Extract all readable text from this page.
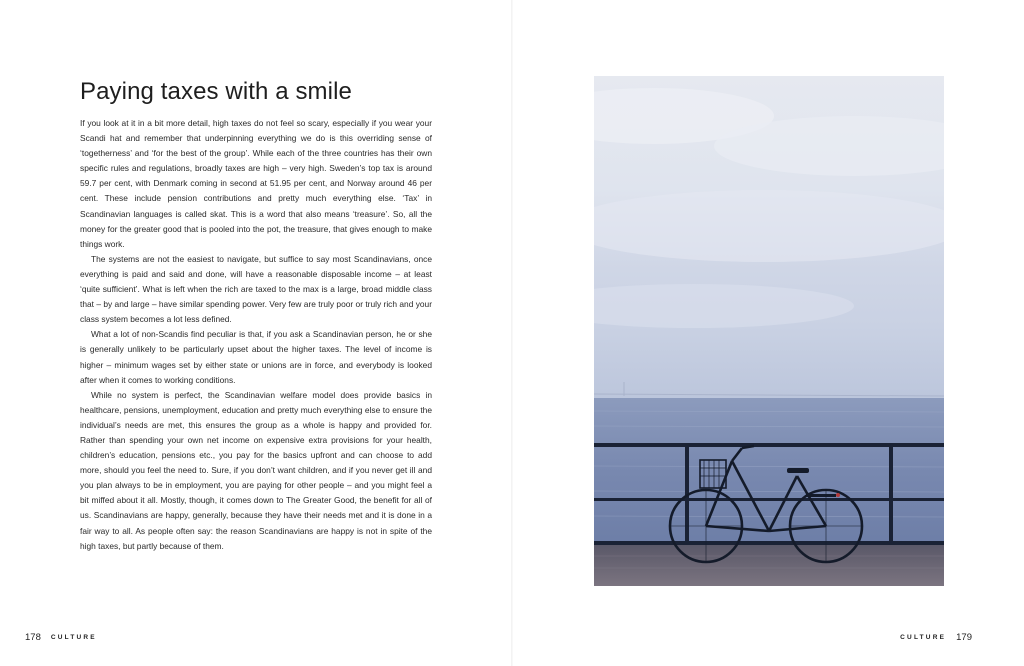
Paying taxes with a smile

If you look at it in a bit more detail, high taxes do not feel so scary, especially if you wear your Scandi hat and remember that underpinning everything we do is this overriding sense of ‘togetherness’ and ‘for the best of the group’. While each of the three countries has their own specific rules and regulations, broadly taxes are high – very high. Sweden’s top tax is around 59.7 per cent, with Denmark coming in second at 51.95 per cent, and Norway around 46 per cent. These include pension contributions and pretty much everything else. ‘Tax’ in Scandinavian languages is called skat. This is a word that also means ‘treasure’. So, all the money for the greater good that is pooled into the pot, the treasure, that gives enough to make things work.

The systems are not the easiest to navigate, but suffice to say most Scandinavians, once everything is paid and said and done, will have a reasonable disposable income – at least ‘quite sufficient’. What is left when the rich are taxed to the max is a large, broad middle class that – by and large – have similar spending power. Very few are truly poor or truly rich and your class system becomes a lot less defined.

What a lot of non-Scandis find peculiar is that, if you ask a Scandinavian person, he or she is generally unlikely to be particularly upset about the higher taxes. The level of income is higher – minimum wages set by either state or unions are in force, and everybody is looked after when it comes to working conditions.

While no system is perfect, the Scandinavian welfare model does provide basics in healthcare, pensions, unemployment, education and pretty much everything else to ensure the individual’s needs are met, this ensures the group as a whole is happy and provided for. Rather than spending your own net income on expensive extra provisions for your health, children’s education, pensions etc., you pay for the basics upfront and can choose to add more, should you feel the need to. Sure, if you don’t want children, and if you never get ill and you plan always to be in employment, you are paying for other people – and you might feel a bit miffed about it all. Mostly, though, it comes down to The Greater Good, the benefit for all of us. Scandinavians are happy, generally, because they have their needs met and it is done in a fair way to all. As people often say: the reason Scandinavians are happy is not in spite of the high taxes, but partly because of them.

178 CULTURE	CULTURE 179
